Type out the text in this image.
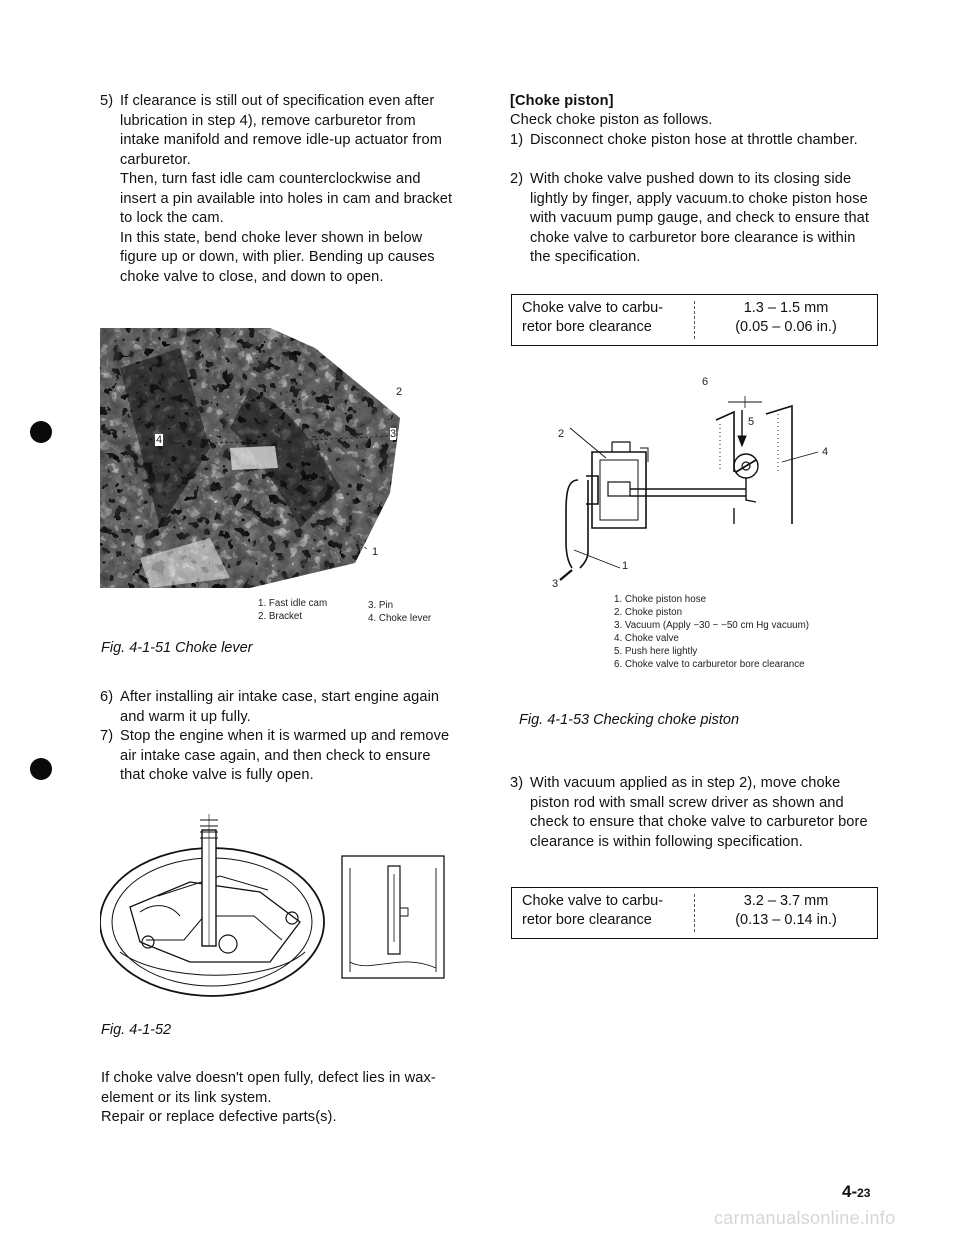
5) If clearance is still out of specification even after lubrication in step 4), remove carburetor from intake manifold and remove idle-up actuator from carburetor.

Then, turn fast idle cam counterclockwise and insert a pin available into holes in cam and bracket to lock the cam.

In this state, bend choke lever shown in below figure up or down, with plier. Bending up causes choke valve to close, and down to open.

2
4	3
1
1. Fast idle cam	3. Pin
2. Bracket	4. Choke lever

Fig. 4-1-51 Choke lever

6) After installing air intake case, start engine again and warm it up fully.

7) Stop the engine when it is warmed up and remove air intake case again, and then check to ensure that choke valve is fully open.

Fig. 4-1-52

If choke valve doesn't open fully, defect lies in wax-element or its link system.
Repair or replace defective parts(s).

[Choke piston]

Check choke piston as follows.

1) Disconnect choke piston hose at throttle chamber.

2) With choke valve pushed down to its closing side lightly by finger, apply vacuum.to choke piston hose with vacuum pump gauge, and check to ensure that choke valve to carburetor bore clearance is within the specification.

Choke valve to carbu-
retor bore clearance
1.3 – 1.5 mm
(0.05 – 0.06 in.)
6
5
2
4
1
3
1. Choke piston hose
2. Choke piston
3. Vacuum (Apply −30 ~ −50 cm Hg vacuum)
4. Choke valve
5. Push here lightly
6. Choke valve to carburetor bore clearance

Fig. 4-1-53 Checking choke piston

3) With vacuum applied as in step 2), move choke piston rod with small screw driver as shown and check to ensure that choke valve to carburetor bore clearance is within following specification.

Choke valve to carbu-
retor bore clearance
3.2 – 3.7 mm
(0.13 – 0.14 in.)
4-23
carmanualsonline.info
